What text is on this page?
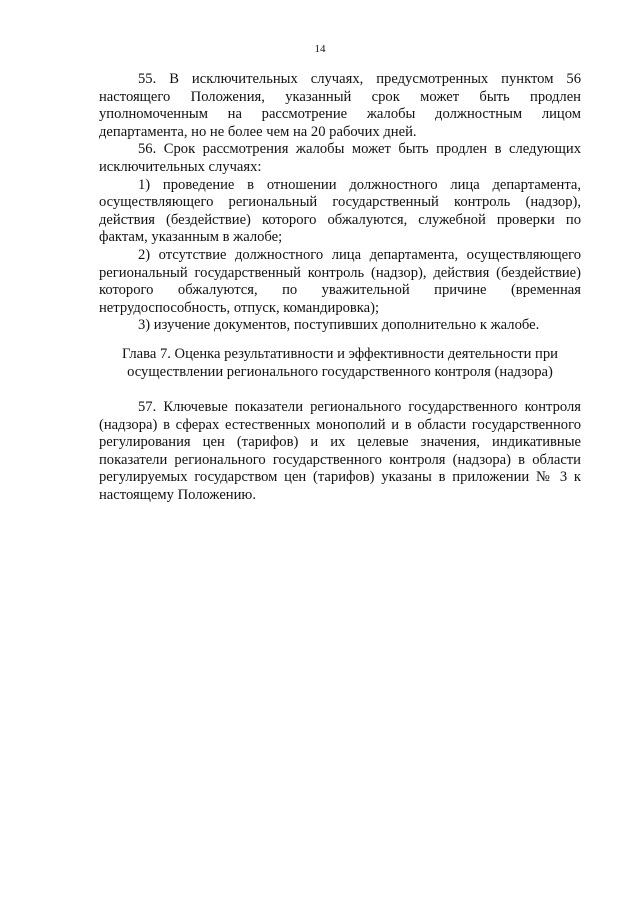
14

55. В исключительных случаях, предусмотренных пунктом 56 настоящего Положения, указанный срок может быть продлен уполномоченным на рассмотрение жалобы должностным лицом департамента, но не более чем на 20 рабочих дней.

56. Срок рассмотрения жалобы может быть продлен в следующих исключительных случаях:

1) проведение в отношении должностного лица департамента, осуществляющего региональный государственный контроль (надзор), действия (бездействие) которого обжалуются, служебной проверки по фактам, указанным в жалобе;

2) отсутствие должностного лица департамента, осуществляющего региональный государственный контроль (надзор), действия (бездействие) которого обжалуются, по уважительной причине (временная нетрудоспособность, отпуск, командировка);

3) изучение документов, поступивших дополнительно к жалобе.

Глава 7. Оценка результативности и эффективности деятельности при
осуществлении регионального государственного контроля (надзора)

57. Ключевые показатели регионального государственного контроля (надзора) в сферах естественных монополий и в области государственного регулирования цен (тарифов) и их целевые значения, индикативные показатели регионального государственного контроля (надзора) в области регулируемых государством цен (тарифов) указаны в приложении № 3 к настоящему Положению.
